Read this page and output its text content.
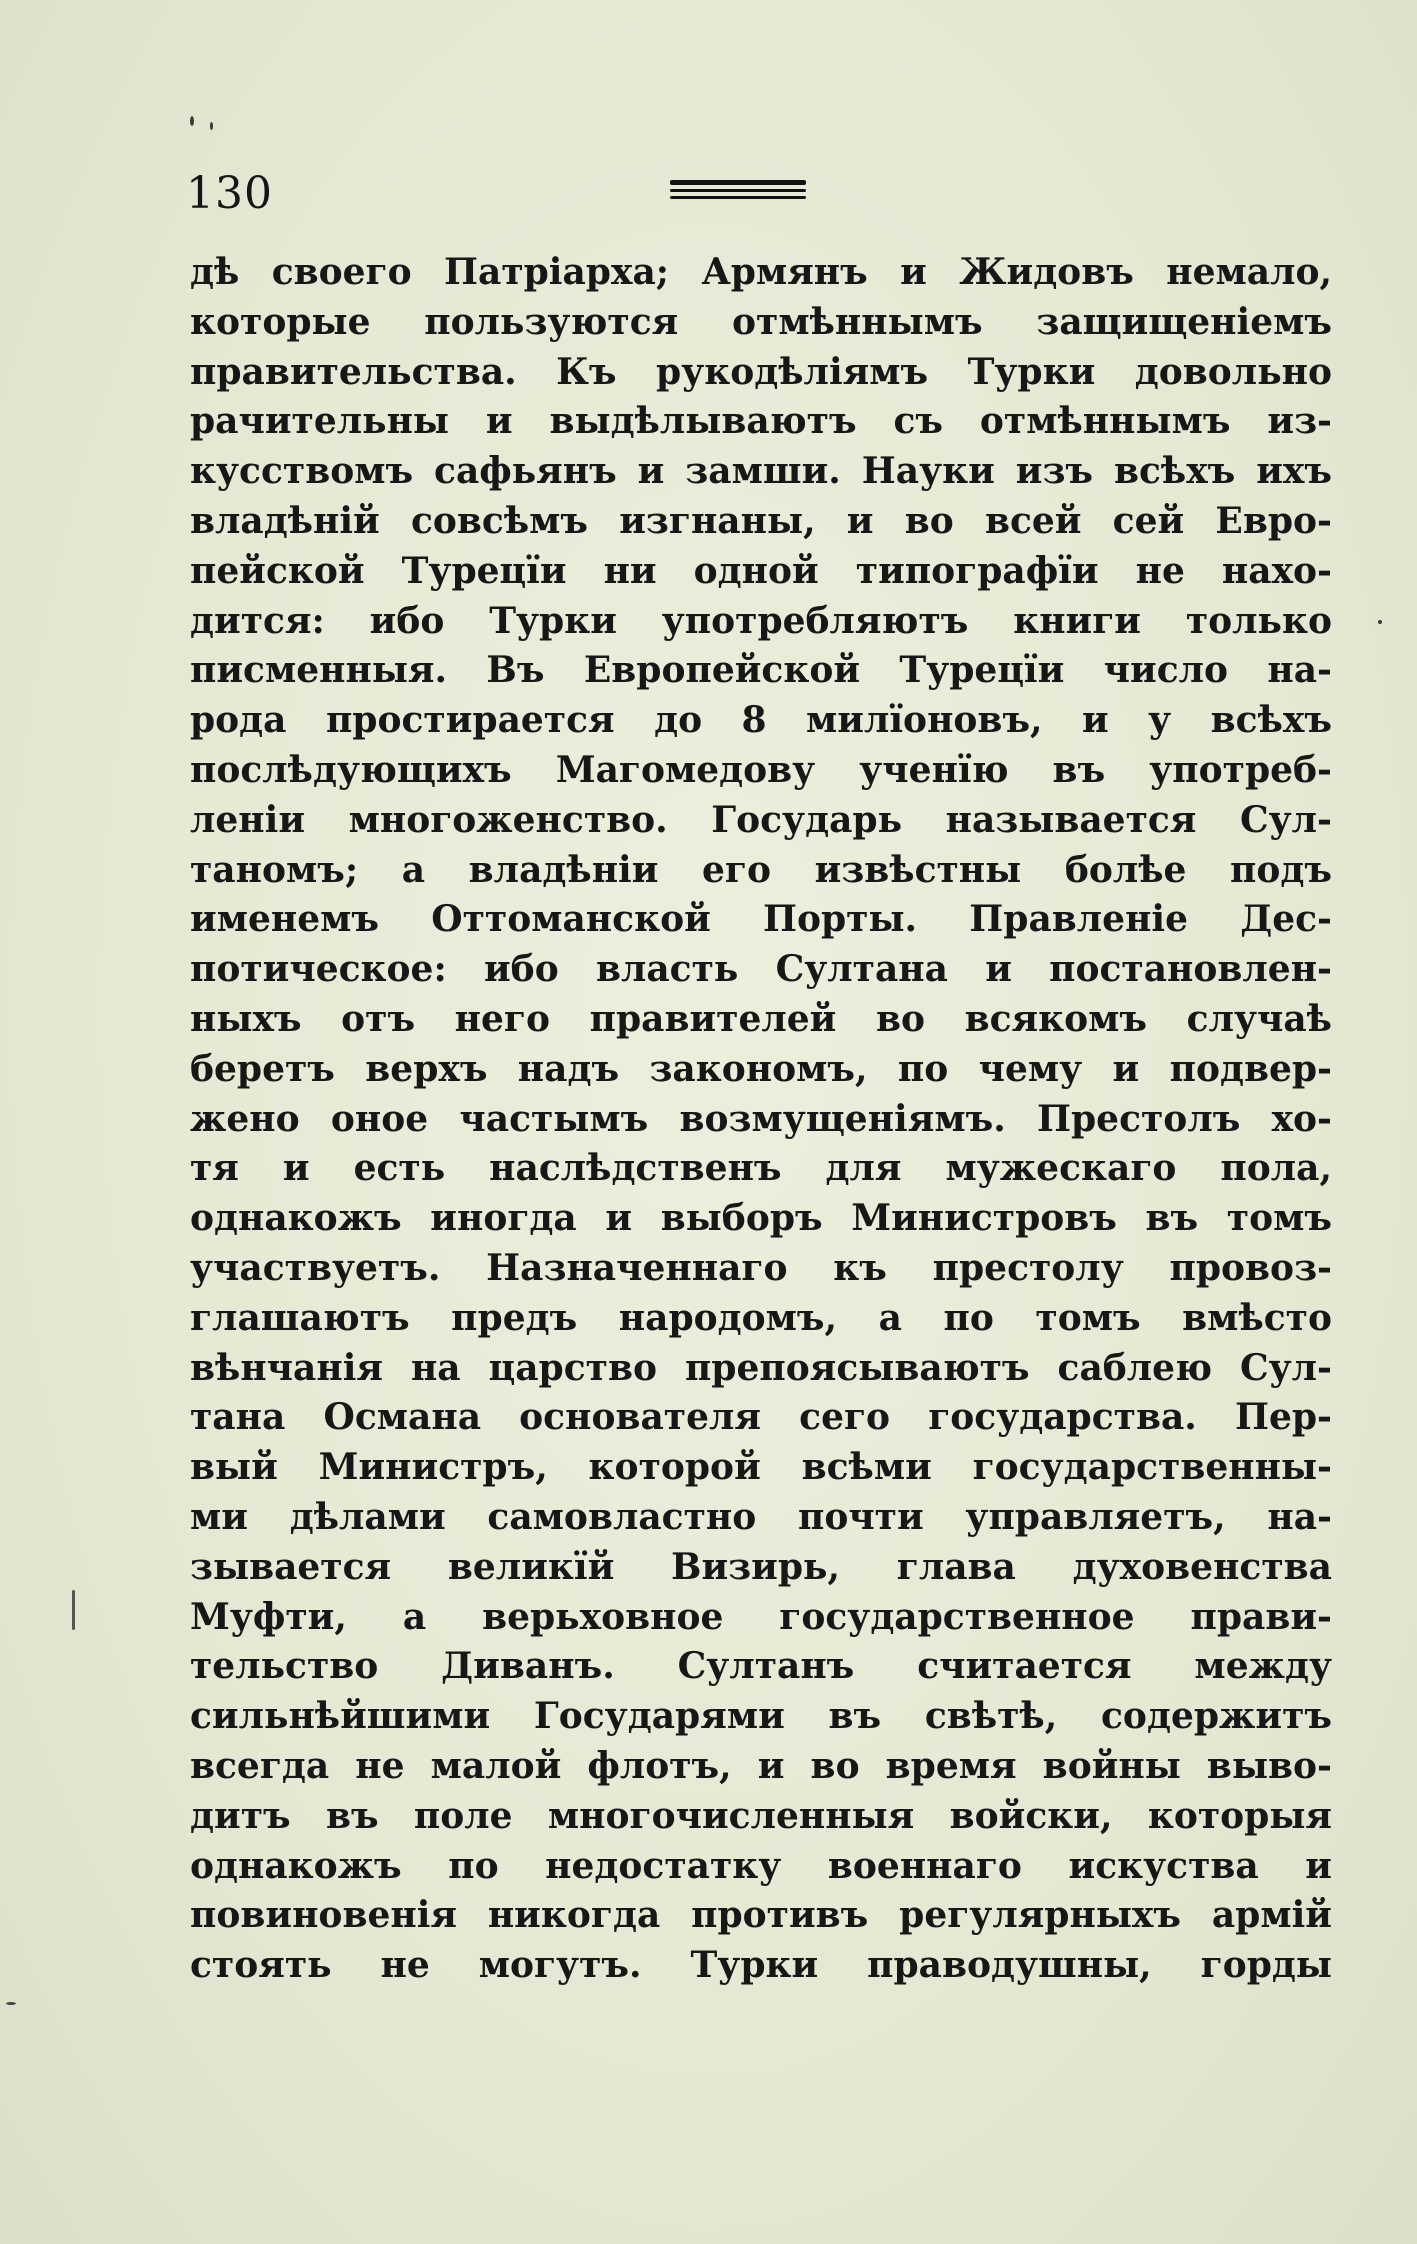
130
дѣ своего Патріарха; Армянъ и Жидовъ немало,
которые пользуются отмѣннымъ защищеніемъ
правительства. Къ рукодѣліямъ Турки довольно
рачительны и выдѣлываютъ съ отмѣннымъ из-
кусствомъ сафьянъ и замши. Науки изъ всѣхъ ихъ
владѣній совсѣмъ изгнаны, и во всей сей Евро-
пейской Турецїи ни одной типографїи не нахо-
дится: ибо Турки употребляютъ книги только
писменныя. Въ Европейской Турецїи число на-
рода простирается до 8 милїоновъ, и у всѣхъ
послѣдующихъ Магомедову ученїю въ употреб-
леніи многоженство. Государь называется Сул-
таномъ; а владѣніи его извѣстны болѣе подъ
именемъ Оттоманской Порты. Правленіе Дес-
потическое: ибо власть Султана и постановлен-
ныхъ отъ него правителей во всякомъ случаѣ
беретъ верхъ надъ закономъ, по чему и подвер-
жено оное частымъ возмущеніямъ. Престолъ хо-
тя и есть наслѣдственъ для мужескаго пола,
однакожъ иногда и выборъ Министровъ въ томъ
участвуетъ. Назначеннаго къ престолу провоз-
глашаютъ предъ народомъ, а по томъ вмѣсто
вѣнчанія на царство препоясываютъ саблею Сул-
тана Османа основателя сего государства. Пер-
вый Министръ, которой всѣми государственны-
ми дѣлами самовластно почти управляетъ, на-
зывается великїй Визирь, глава духовенства
Муфти, а верьховное государственное прави-
тельство Диванъ. Султанъ считается между
сильнѣйшими Государями въ свѣтѣ, содержитъ
всегда не малой флотъ, и во время войны выво-
дитъ въ поле многочисленныя войски, которыя
однакожъ по недостатку военнаго искуства и
повиновенія никогда противъ регулярныхъ армій
стоять не могутъ. Турки праводушны, горды
